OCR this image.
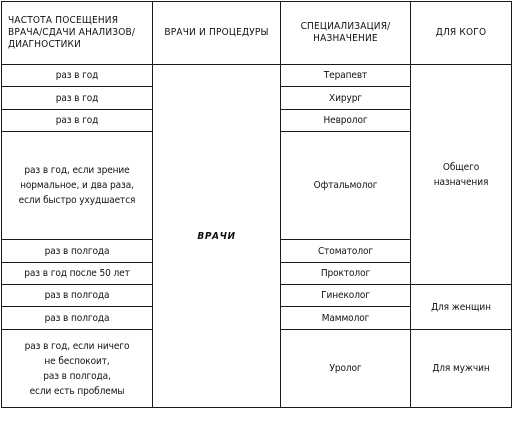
ЧАСТОТА ПОСЕЩЕНИЯ
ВРАЧА/СДАЧИ АНАЛИЗОВ/
ДИАГНОСТИКИ	ВРАЧИ И ПРОЦЕДУРЫ	СПЕЦИАЛИЗАЦИЯ/
НАЗНАЧЕНИЕ	ДЛЯ КОГО
раз в год	ВРАЧИ	Терапевт	Общего
назначения
раз в год		Хирург	
раз в год		Невролог	
раз в год, если зрение
нормальное, и два раза,
если быстро ухудшается		Офтальмолог	
раз в полгода		Стоматолог	
раз в год после 50 лет		Проктолог	
раз в полгода		Гинеколог	Для женщин
раз в полгода		Маммолог	
раз в год, если ничего
не беспокоит,
раз в полгода,
если есть проблемы		Уролог	Для мужчин
